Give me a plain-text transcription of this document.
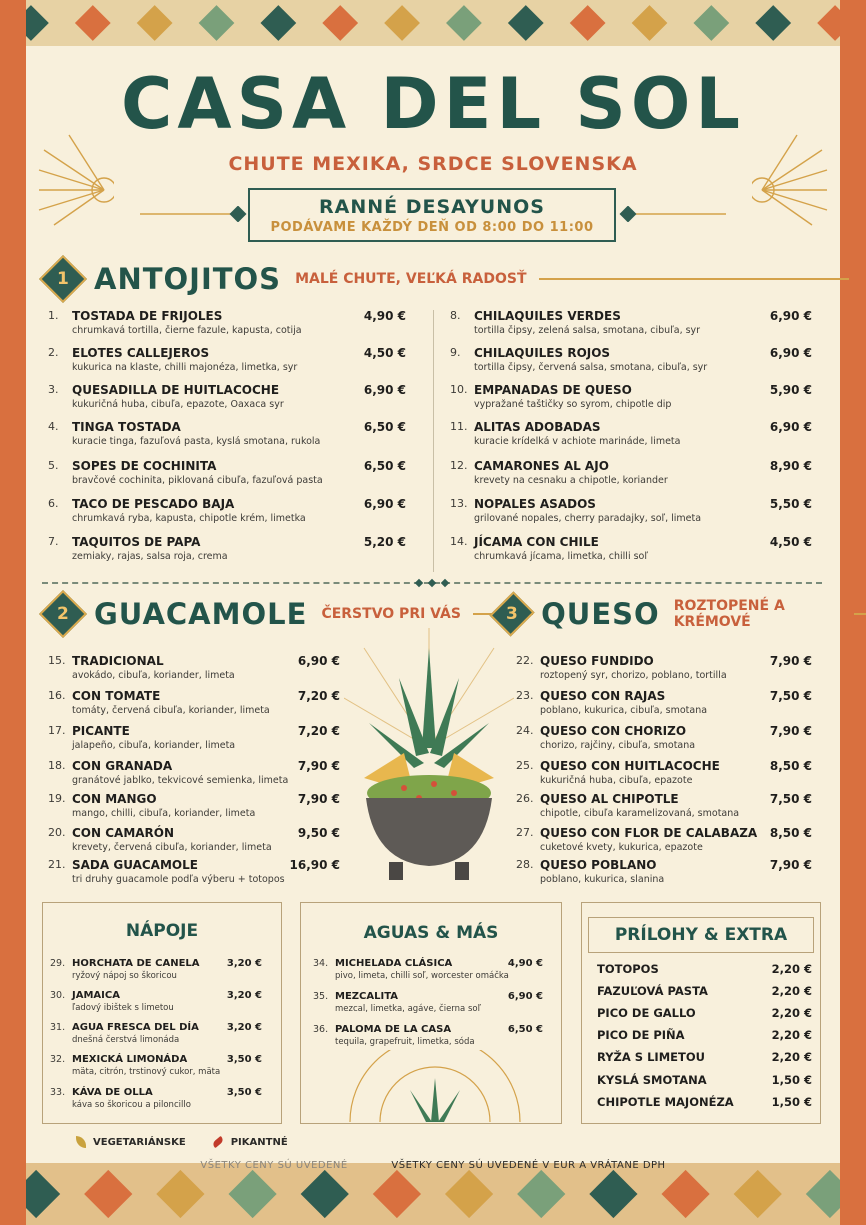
CASA DEL SOL
CHUTE MEXIKA, SRDCE SLOVENSKA
RANNÉ DESAYUNOS
PODÁVAME KAŽDÝ DEŇ OD 8:00 DO 11:00
1 ANTOJITOS MALÉ CHUTE, VEĽKÁ RADOSŤ
1. TOSTADA DE FRIJOLES
chrumkavá tortilla, čierne fazule, kapusta, cotija
4,90 €
2. ELOTES CALLEJEROS
kukurica na klaste, chilli majonéza, limetka, syr
4,50 €
3. QUESADILLA DE HUITLACOCHE
kukuričná huba, cibuľa, epazote, Oaxaca syr
6,90 €
4. TINGA TOSTADA
kuracie tinga, fazuľová pasta, kyslá smotana, rukola
6,50 €
5. SOPES DE COCHINITA
bravčové cochinita, piklovaná cibuľa, fazuľová pasta
6,50 €
6. TACO DE PESCADO BAJA
chrumkavá ryba, kapusta, chipotle krém, limetka
6,90 €
7. TAQUITOS DE PAPA
zemiaky, rajas, salsa roja, crema
5,20 €
8. CHILAQUILES VERDES
tortilla čipsy, zelená salsa, smotana, cibuľa, syr
6,90 €
9. CHILAQUILES ROJOS
tortilla čipsy, červená salsa, smotana, cibuľa, syr
6,90 €
10. EMPANADAS DE QUESO
vypražané taštičky so syrom, chipotle dip
5,90 €
11. ALITAS ADOBADAS
kuracie krídelká v achiote marináde, limeta
6,90 €
12. CAMARONES AL AJO
krevety na cesnaku a chipotle, koriander
8,90 €
13. NOPALES ASADOS
grilované nopales, cherry paradajky, soľ, limeta
5,50 €
14. JÍCAMA CON CHILE
chrumkavá jícama, limetka, chilli soľ
4,50 €
2 GUACAMOLE ČERSTVO PRI VÁS	3 QUESO ROZTOPENÉ A KRÉMOVÉ
15. TRADICIONAL
avokádo, cibuľa, koriander, limeta
6,90 €
16. CON TOMATE
tomáty, červená cibuľa, koriander, limeta
7,20 €
17. PICANTE
jalapeño, cibuľa, koriander, limeta
7,20 €
18. CON GRANADA
granátové jablko, tekvicové semienka, limeta
7,90 €
19. CON MANGO
mango, chilli, cibuľa, koriander, limeta
7,90 €
20. CON CAMARÓN
krevety, červená cibuľa, koriander, limeta
9,50 €
21. SADA GUACAMOLE
tri druhy guacamole podľa výberu + totopos
16,90 €
22. QUESO FUNDIDO
roztopený syr, chorizo, poblano, tortilla
7,90 €
23. QUESO CON RAJAS
poblano, kukurica, cibuľa, smotana
7,50 €
24. QUESO CON CHORIZO
chorizo, rajčiny, cibuľa, smotana
7,90 €
25. QUESO CON HUITLACOCHE
kukuričná huba, cibuľa, epazote
8,50 €
26. QUESO AL CHIPOTLE
chipotle, cibuľa karamelizovaná, smotana
7,50 €
27. QUESO CON FLOR DE CALABAZA
cuketové kvety, kukurica, epazote
8,50 €
28. QUESO POBLANO
poblano, kukurica, slanina
7,90 €
NÁPOJE
29. HORCHATA DE CANELA
ryžový nápoj so škoricou
3,20 €
30. JAMAICA
ľadový ibištek s limetou
3,20 €
31. AGUA FRESCA DEL DÍA
dnešná čerstvá limonáda
3,20 €
32. MEXICKÁ LIMONÁDA
mäta, citrón, trstinový cukor, mäta
3,50 €
33. KÁVA DE OLLA
káva so škoricou a piloncillo
3,50 €
AGUAS & MÁS
34. MICHELADA CLÁSICA
pivo, limeta, chilli soľ, worcester omáčka
4,90 €
35. MEZCALITA
mezcal, limetka, agáve, čierna soľ
6,90 €
36. PALOMA DE LA CASA
tequila, grapefruit, limetka, sóda
6,50 €
PRÍLOHY & EXTRA
TOTOPOS	2,20 €
FAZUĽOVÁ PASTA	2,20 €
PICO DE GALLO	2,20 €
PICO DE PIÑA	2,20 €
RYŽA S LIMETOU	2,20 €
KYSLÁ SMOTANA	1,50 €
CHIPOTLE MAJONÉZA	1,50 €
VEGETARIÁNSKE	PIKANTNÉ
VŠETKY CENY SÚ UVEDENÉ	VŠETKY CENY SÚ UVEDENÉ V EUR A VRÁTANE DPH
